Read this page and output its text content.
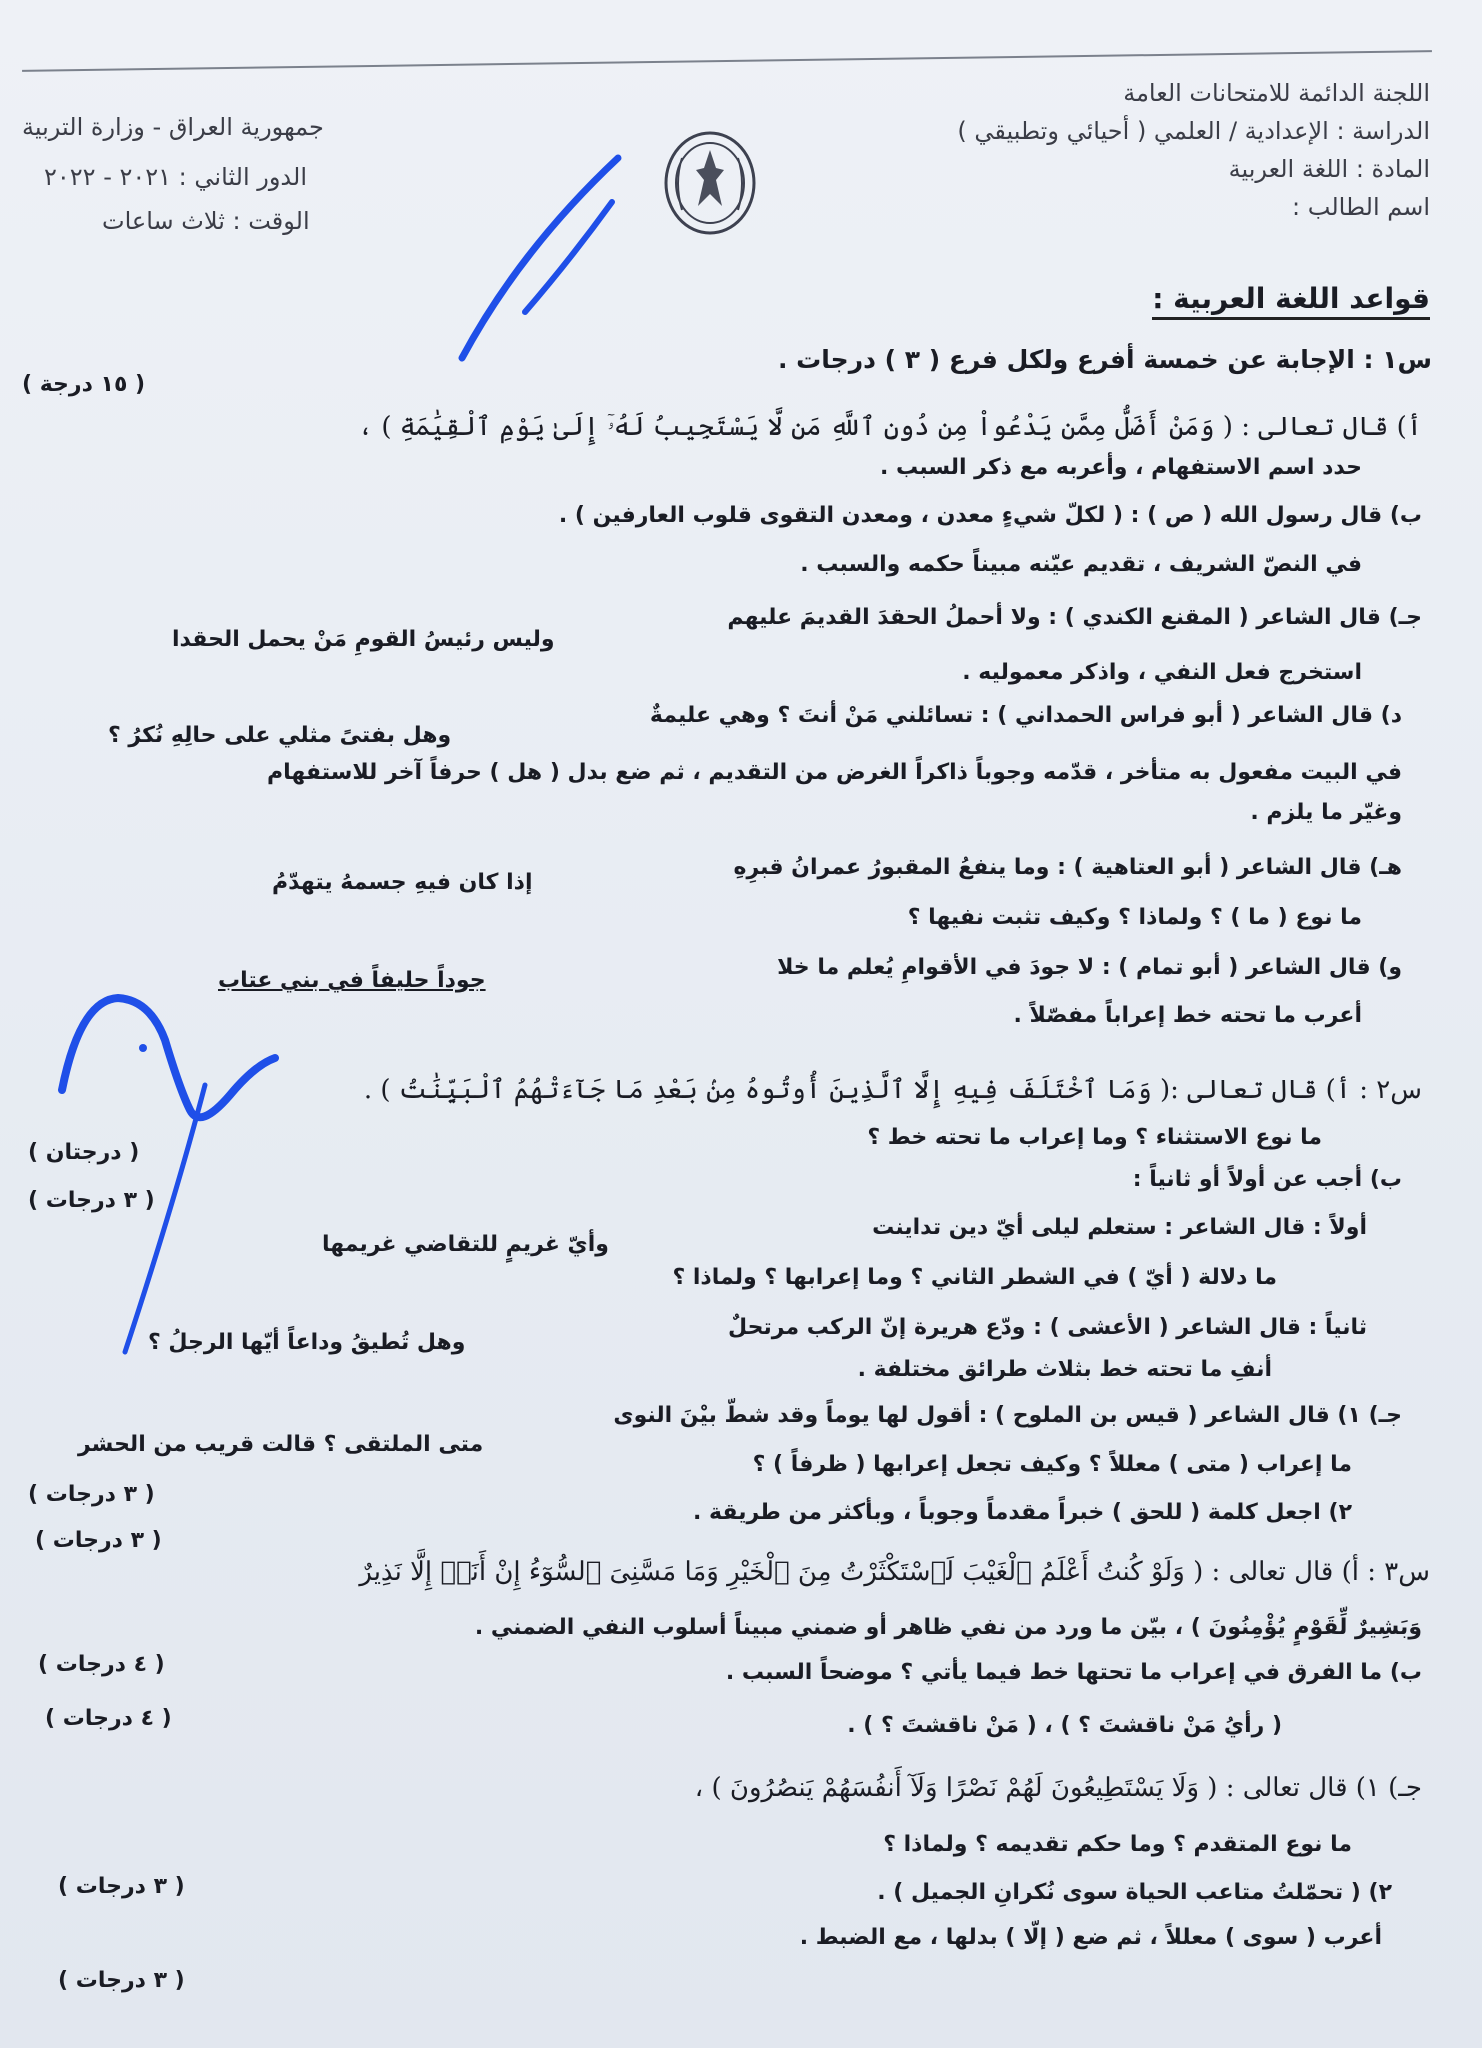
اللجنة الدائمة للامتحانات العامة
الدراسة : الإعدادية / العلمي ( أحيائي وتطبيقي )
المادة : اللغة العربية
اسم الطالب :
جمهورية العراق - وزارة التربية
الدور الثاني : ٢٠٢١ - ٢٠٢٢
الوقت : ثلاث ساعات
قواعد اللغة العربية :
س١ : الإجابة عن خمسة أفرع ولكل فرع ( ٣ ) درجات .
أ) قال تعالى : ( وَمَنْ أَضَلُّ مِمَّن يَدْعُواْ مِن دُونِ ٱللَّهِ مَن لَّا يَسْتَجِيبُ لَهُۥٓ إِلَىٰ يَوْمِ ٱلْقِيَٰمَةِ ) ،
حدد اسم الاستفهام ، وأعربه مع ذكر السبب .
ب) قال رسول الله ( ص ) : ( لكلّ شيءٍ معدن ، ومعدن التقوى قلوب العارفين ) .
في النصّ الشريف ، تقديم عيّنه مبيناً حكمه والسبب .
جـ) قال الشاعر ( المقنع الكندي ) : ولا أحملُ الحقدَ القديمَ عليهم
وليس رئيسُ القومِ مَنْ يحمل الحقدا
استخرج فعل النفي ، واذكر معموليه .
د) قال الشاعر ( أبو فراس الحمداني ) : تسائلني مَنْ أنتَ ؟ وهي عليمةٌ
وهل بفتىً مثلي على حالِهِ نُكرُ ؟
في البيت مفعول به متأخر ، قدّمه وجوباً ذاكراً الغرض من التقديم ، ثم ضع بدل ( هل ) حرفاً آخر للاستفهام
وغيّر ما يلزم .
هـ) قال الشاعر ( أبو العتاهية ) : وما ينفعُ المقبورُ عمرانُ قبرِهِ
إذا كان فيهِ جسمهُ يتهدّمُ
ما نوع ( ما ) ؟ ولماذا ؟ وكيف تثبت نفيها ؟
و) قال الشاعر ( أبو تمام ) : لا جودَ في الأقوامِ يُعلم ما خلا
جوداً حليفاً في بني عتاب
أعرب ما تحته خط إعراباً مفصّلاً .
س٢ : أ) قال تعالى :( وَمَا ٱخْتَلَفَ فِيهِ إِلَّا ٱلَّذِينَ أُوتُوهُ مِنۢ بَعْدِ مَا جَآءَتْهُمُ ٱلْبَيِّنَٰتُ ) .
ما نوع الاستثناء ؟ وما إعراب ما تحته خط ؟
ب) أجب عن أولاً أو ثانياً :
أولاً : قال الشاعر : ستعلم ليلى أيّ دين تداينت
وأيّ غريمٍ للتقاضي غريمها
ما دلالة ( أيّ ) في الشطر الثاني ؟ وما إعرابها ؟ ولماذا ؟
ثانياً : قال الشاعر ( الأعشى ) : ودّع هريرة إنّ الركب مرتحلٌ
وهل تُطيقُ وداعاً أيّها الرجلُ ؟
أنفِ ما تحته خط بثلاث طرائق مختلفة .
جـ) ١) قال الشاعر ( قيس بن الملوح ) : أقول لها يوماً وقد شطّ بيْنَ النوى
متى الملتقى ؟ قالت قريب من الحشر
ما إعراب ( متى ) معللاً ؟ وكيف تجعل إعرابها ( ظرفاً ) ؟
٢) اجعل كلمة ( للحق ) خبراً مقدماً وجوباً ، وبأكثر من طريقة .
س٣ : أ) قال تعالى : ( وَلَوْ كُنتُ أَعْلَمُ ٱلْغَيْبَ لَٱسْتَكْثَرْتُ مِنَ ٱلْخَيْرِ وَمَا مَسَّنِىَ ٱلسُّوٓءُ إِنْ أَنَا۠ إِلَّا نَذِيرٌ
وَبَشِيرٌ لِّقَوْمٍ يُؤْمِنُونَ ) ، بيّن ما ورد من نفي ظاهر أو ضمني مبيناً أسلوب النفي الضمني .
ب) ما الفرق في إعراب ما تحتها خط فيما يأتي ؟ موضحاً السبب .
( رأيُ مَنْ ناقشتَ ؟ ) ، ( مَنْ ناقشتَ ؟ ) .
جـ) ١) قال تعالى : ( وَلَا يَسْتَطِيعُونَ لَهُمْ نَصْرًا وَلَآ أَنفُسَهُمْ يَنصُرُونَ ) ،
ما نوع المتقدم ؟ وما حكم تقديمه ؟ ولماذا ؟
٢) ( تحمّلتُ متاعب الحياة سوى نُكرانِ الجميل ) .
أعرب ( سوى ) معللاً ، ثم ضع ( إلّا ) بدلها ، مع الضبط .
( ١٥ درجة )
( درجتان )
( ٣ درجات )
( ٣ درجات )
( ٣ درجات )
( ٤ درجات )
( ٤ درجات )
( ٣ درجات )
( ٣ درجات )
